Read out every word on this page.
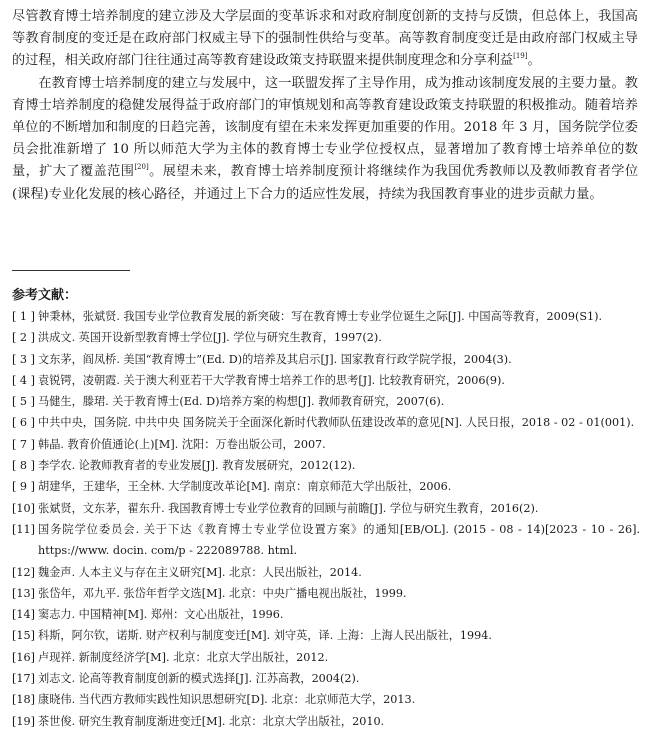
尽管教育博士培养制度的建立涉及大学层面的变革诉求和对政府制度创新的支持与反馈，但总体上，我国高等教育制度的变迁是在政府部门权威主导下的强制性供给与变革。高等教育制度变迁是由政府部门权威主导的过程，相关政府部门往往通过高等教育建设政策支持联盟来提供制度理念和分享利益[19]。

在教育博士培养制度的建立与发展中，这一联盟发挥了主导作用，成为推动该制度发展的主要力量。教育博士培养制度的稳健发展得益于政府部门的审慎规划和高等教育建设政策支持联盟的积极推动。随着培养单位的不断增加和制度的日趋完善，该制度有望在未来发挥更加重要的作用。2018 年 3 月，国务院学位委员会批准新增了 10 所以师范大学为主体的教育博士专业学位授权点，显著增加了教育博士培养单位的数量，扩大了覆盖范围[20]。展望未来，教育博士培养制度预计将继续作为我国优秀教师以及教师教育者学位(课程)专业化发展的核心路径，并通过上下合力的适应性发展，持续为我国教育事业的进步贡献力量。

参考文献：
[ 1 ] 钟秉林，张斌贤. 我国专业学位教育发展的新突破：写在教育博士专业学位诞生之际[J]. 中国高等教育，2009(S1).
[ 2 ] 洪成文. 英国开设新型教育博士学位[J]. 学位与研究生教育，1997(2).
[ 3 ] 文东茅，阎凤桥. 美国“教育博士”(Ed. D)的培养及其启示[J]. 国家教育行政学院学报，2004(3).
[ 4 ] 袁锐锷，凌朝霞. 关于澳大利亚若干大学教育博士培养工作的思考[J]. 比较教育研究，2006(9).
[ 5 ] 马健生，滕珺. 关于教育博士(Ed. D)培养方案的构想[J]. 教师教育研究，2007(6).
[ 6 ] 中共中央，国务院. 中共中央 国务院关于全面深化新时代教师队伍建设改革的意见[N]. 人民日报，2018 - 02 - 01(001).
[ 7 ] 韩晶. 教育价值通论(上)[M]. 沈阳：万卷出版公司，2007.
[ 8 ] 李学农. 论教师教育者的专业发展[J]. 教育发展研究，2012(12).
[ 9 ] 胡建华，王建华，王全林. 大学制度改革论[M]. 南京：南京师范大学出版社，2006.
[10] 张斌贤，文东茅，翟东升. 我国教育博士专业学位教育的回顾与前瞻[J]. 学位与研究生教育，2016(2).
[11] 国务院学位委员会. 关于下达《教育博士专业学位设置方案》的通知[EB/OL]. (2015 - 08 - 14)[2023 - 10 - 26]. https://www. docin. com/p - 222089788. html.
[12] 魏金声. 人本主义与存在主义研究[M]. 北京：人民出版社，2014.
[13] 张岱年，邓九平. 张岱年哲学文选[M]. 北京：中央广播电视出版社，1999.
[14] 窦志力. 中国精神[M]. 郑州：文心出版社，1996.
[15] 科斯，阿尔钦，诺斯. 财产权利与制度变迁[M]. 刘守英，译. 上海：上海人民出版社，1994.
[16] 卢现祥. 新制度经济学[M]. 北京：北京大学出版社，2012.
[17] 刘志文. 论高等教育制度创新的模式选择[J]. 江苏高教，2004(2).
[18] 康晓伟. 当代西方教师实践性知识思想研究[D]. 北京：北京师范大学，2013.
[19] 茶世俊. 研究生教育制度渐进变迁[M]. 北京：北京大学出版社，2010.
